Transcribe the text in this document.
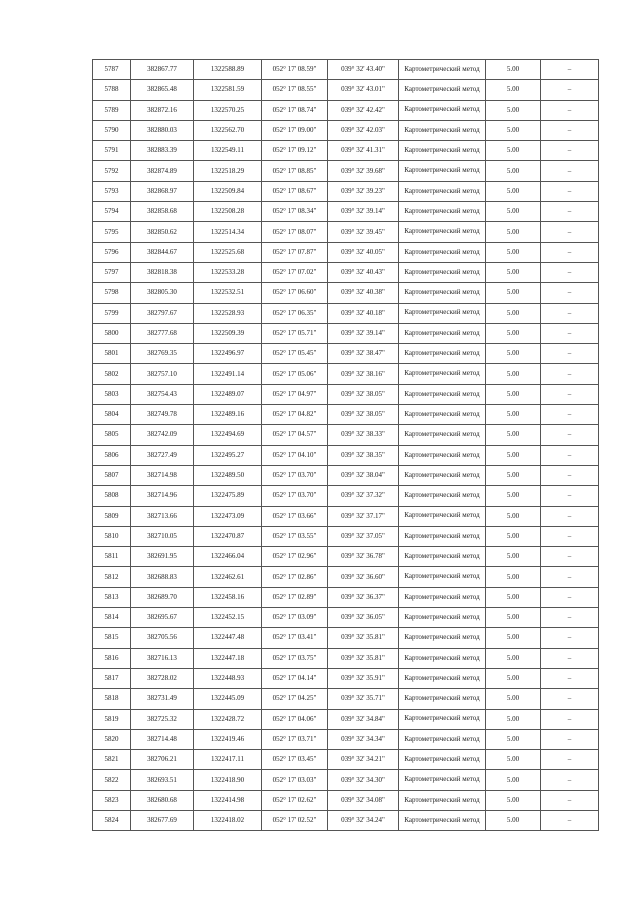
5787	382867.77	1322588.89	052° 17' 08.59"	039° 32' 43.40"	Картометрический метод	5.00	–
5788	382865.48	1322581.59	052° 17' 08.55"	039° 32' 43.01"	Картометрический метод	5.00	–
5789	382872.16	1322570.25	052° 17' 08.74"	039° 32' 42.42"	Картометрический метод	5.00	–
5790	382880.03	1322562.70	052° 17' 09.00"	039° 32' 42.03"	Картометрический метод	5.00	–
5791	382883.39	1322549.11	052° 17' 09.12"	039° 32' 41.31"	Картометрический метод	5.00	–
5792	382874.89	1322518.29	052° 17' 08.85"	039° 32' 39.68"	Картометрический метод	5.00	–
5793	382868.97	1322509.84	052° 17' 08.67"	039° 32' 39.23"	Картометрический метод	5.00	–
5794	382858.68	1322508.28	052° 17' 08.34"	039° 32' 39.14"	Картометрический метод	5.00	–
5795	382850.62	1322514.34	052° 17' 08.07"	039° 32' 39.45"	Картометрический метод	5.00	–
5796	382844.67	1322525.68	052° 17' 07.87"	039° 32' 40.05"	Картометрический метод	5.00	–
5797	382818.38	1322533.28	052° 17' 07.02"	039° 32' 40.43"	Картометрический метод	5.00	–
5798	382805.30	1322532.51	052° 17' 06.60"	039° 32' 40.38"	Картометрический метод	5.00	–
5799	382797.67	1322528.93	052° 17' 06.35"	039° 32' 40.18"	Картометрический метод	5.00	–
5800	382777.68	1322509.39	052° 17' 05.71"	039° 32' 39.14"	Картометрический метод	5.00	–
5801	382769.35	1322496.97	052° 17' 05.45"	039° 32' 38.47"	Картометрический метод	5.00	–
5802	382757.10	1322491.14	052° 17' 05.06"	039° 32' 38.16"	Картометрический метод	5.00	–
5803	382754.43	1322489.07	052° 17' 04.97"	039° 32' 38.05"	Картометрический метод	5.00	–
5804	382749.78	1322489.16	052° 17' 04.82"	039° 32' 38.05"	Картометрический метод	5.00	–
5805	382742.09	1322494.69	052° 17' 04.57"	039° 32' 38.33"	Картометрический метод	5.00	–
5806	382727.49	1322495.27	052° 17' 04.10"	039° 32' 38.35"	Картометрический метод	5.00	–
5807	382714.98	1322489.50	052° 17' 03.70"	039° 32' 38.04"	Картометрический метод	5.00	–
5808	382714.96	1322475.89	052° 17' 03.70"	039° 32' 37.32"	Картометрический метод	5.00	–
5809	382713.66	1322473.09	052° 17' 03.66"	039° 32' 37.17"	Картометрический метод	5.00	–
5810	382710.05	1322470.87	052° 17' 03.55"	039° 32' 37.05"	Картометрический метод	5.00	–
5811	382691.95	1322466.04	052° 17' 02.96"	039° 32' 36.78"	Картометрический метод	5.00	–
5812	382688.83	1322462.61	052° 17' 02.86"	039° 32' 36.60"	Картометрический метод	5.00	–
5813	382689.70	1322458.16	052° 17' 02.89"	039° 32' 36.37"	Картометрический метод	5.00	–
5814	382695.67	1322452.15	052° 17' 03.09"	039° 32' 36.05"	Картометрический метод	5.00	–
5815	382705.56	1322447.48	052° 17' 03.41"	039° 32' 35.81"	Картометрический метод	5.00	–
5816	382716.13	1322447.18	052° 17' 03.75"	039° 32' 35.81"	Картометрический метод	5.00	–
5817	382728.02	1322448.93	052° 17' 04.14"	039° 32' 35.91"	Картометрический метод	5.00	–
5818	382731.49	1322445.09	052° 17' 04.25"	039° 32' 35.71"	Картометрический метод	5.00	–
5819	382725.32	1322428.72	052° 17' 04.06"	039° 32' 34.84"	Картометрический метод	5.00	–
5820	382714.48	1322419.46	052° 17' 03.71"	039° 32' 34.34"	Картометрический метод	5.00	–
5821	382706.21	1322417.11	052° 17' 03.45"	039° 32' 34.21"	Картометрический метод	5.00	–
5822	382693.51	1322418.90	052° 17' 03.03"	039° 32' 34.30"	Картометрический метод	5.00	–
5823	382680.68	1322414.98	052° 17' 02.62"	039° 32' 34.08"	Картометрический метод	5.00	–
5824	382677.69	1322418.02	052° 17' 02.52"	039° 32' 34.24"	Картометрический метод	5.00	–
